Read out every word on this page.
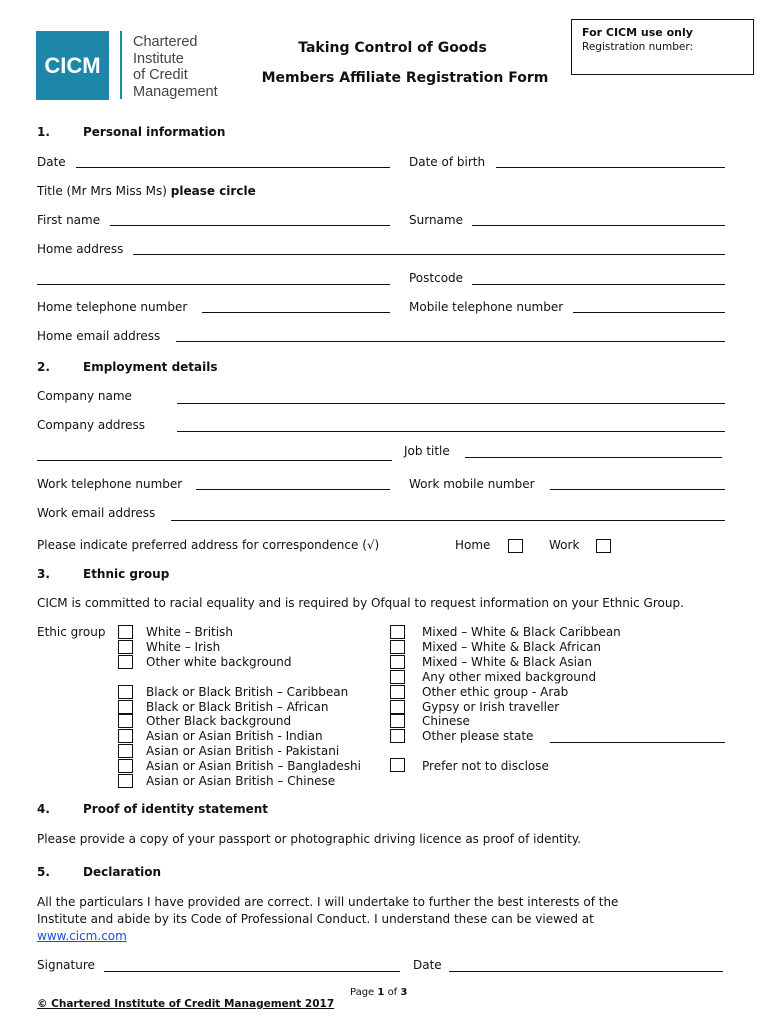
CICM
Chartered
Institute
of Credit
Management
Taking Control of Goods
Members Affiliate Registration Form
For CICM use only
Registration number:
1.	Personal information
Date	Date of birth
Title (Mr Mrs Miss Ms) please circle
First name	Surname
Home address
Postcode
Home telephone number	Mobile telephone number
Home email address
2.	Employment details
Company name
Company address
Job title
Work telephone number	Work mobile number
Work email address
Please indicate preferred address for correspondence (√)	Home	Work
3.	Ethnic group
CICM is committed to racial equality and is required by Ofqual to request information on your Ethnic Group.
Ethic group	White – British
White – Irish
Other white background
Black or Black British – Caribbean
Black or Black British – African
Other Black background
Asian or Asian British - Indian
Asian or Asian British - Pakistani
Asian or Asian British – Bangladeshi
Asian or Asian British – Chinese
Mixed – White & Black Caribbean
Mixed – White & Black African
Mixed – White & Black Asian
Any other mixed background
Other ethic group - Arab
Gypsy or Irish traveller
Chinese
Other please state
Prefer not to disclose
4.	Proof of identity statement
Please provide a copy of your passport or photographic driving licence as proof of identity.
5.	Declaration
All the particulars I have provided are correct. I will undertake to further the best interests of the
Institute and abide by its Code of Professional Conduct. I understand these can be viewed at
www.cicm.com
Signature	Date
Page 1 of 3
© Chartered Institute of Credit Management 2017
